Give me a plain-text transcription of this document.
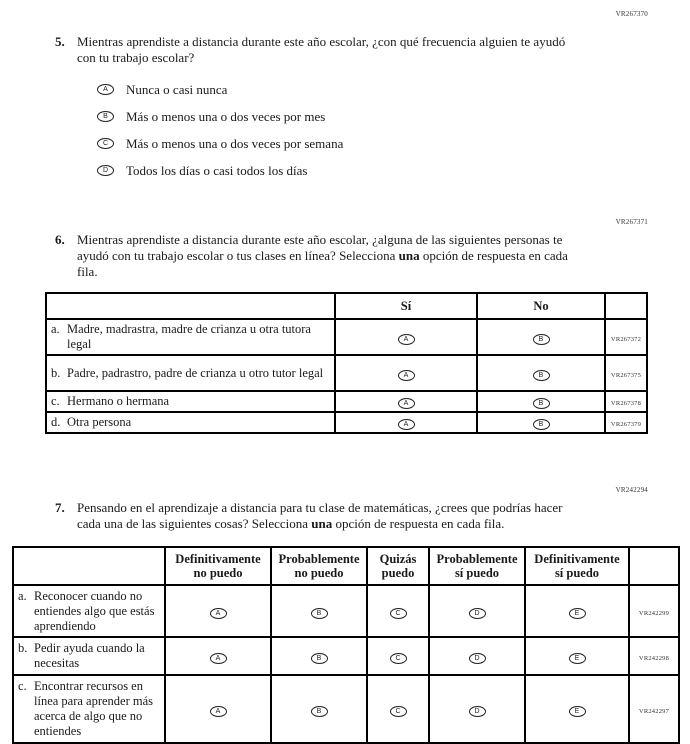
VR267370
5. Mientras aprendiste a distancia durante este año escolar, ¿con qué frecuencia alguien te ayudó con tu trabajo escolar?

A	Nunca o casi nunca
B	Más o menos una o dos veces por mes
C	Más o menos una o dos veces por semana
D	Todos los días o casi todos los días
VR267371
6. Mientras aprendiste a distancia durante este año escolar, ¿alguna de las siguientes personas te ayudó con tu trabajo escolar o tus clases en línea? Selecciona una opción de respuesta en cada fila.

	Sí	No	

a. Madre, madrastra, madre de crianza u otra tutora legal	A	B	VR267372

b. Padre, padrastro, padre de crianza u otro tutor legal	A	B	VR267375

c. Hermano o hermana	A	B	VR267378

d. Otra persona	A	B	VR267379
VR242294
7. Pensando en el aprendizaje a distancia para tu clase de matemáticas, ¿crees que podrías hacer cada una de las siguientes cosas? Selecciona una opción de respuesta en cada fila.

	Definitivamente no puedo	Probablemente no puedo	Quizás puedo	Probablemente sí puedo	Definitivamente sí puedo	

a. Reconocer cuando no entiendes algo que estás aprendiendo	A	B	C	D	E	VR242299

b. Pedir ayuda cuando la necesitas	A	B	C	D	E	VR242298

c. Encontrar recursos en línea para aprender más acerca de algo que no entiendes	A	B	C	D	E	VR242297
